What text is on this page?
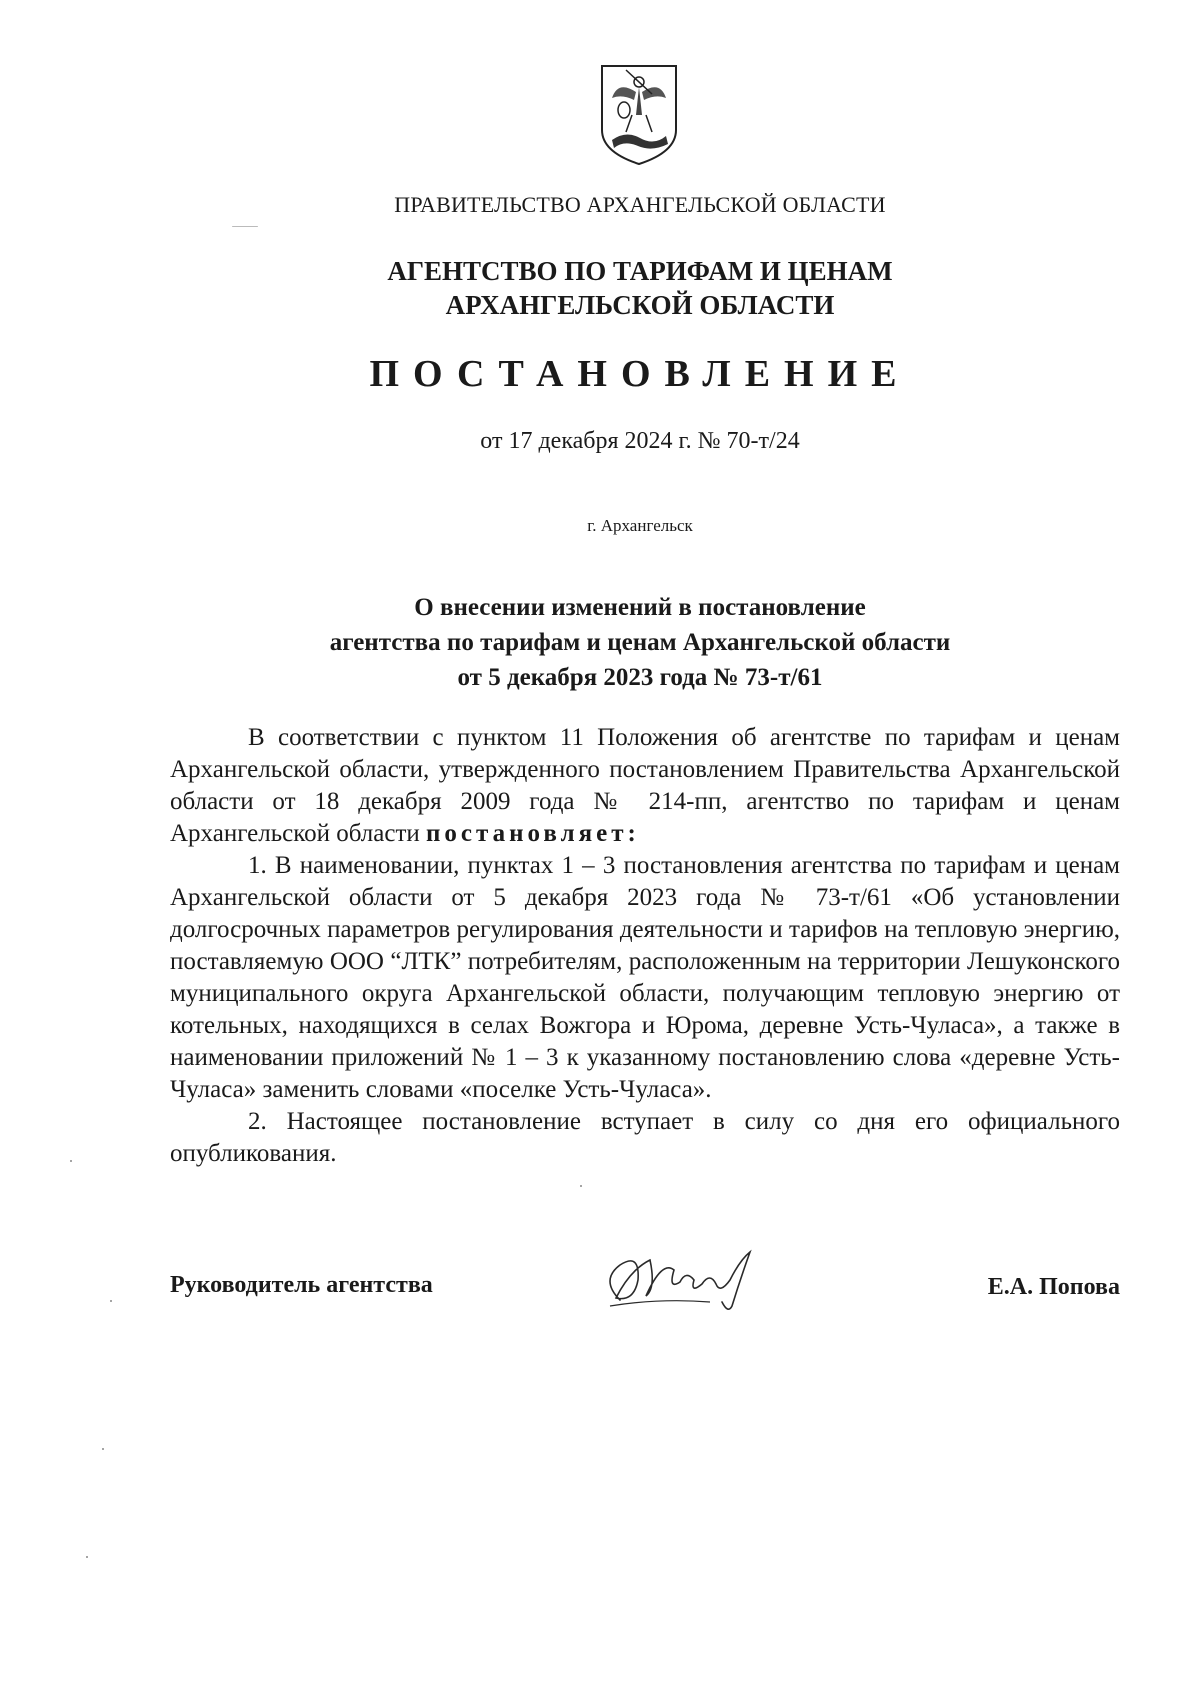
ПРАВИТЕЛЬСТВО АРХАНГЕЛЬСКОЙ ОБЛАСТИ
АГЕНТСТВО ПО ТАРИФАМ И ЦЕНАМ
АРХАНГЕЛЬСКОЙ ОБЛАСТИ
ПОСТАНОВЛЕНИЕ
от 17 декабря 2024 г. № 70-т/24
г. Архангельск
О внесении изменений в постановление
агентства по тарифам и ценам Архангельской области
от 5 декабря 2023 года № 73-т/61

В соответствии с пунктом 11 Положения об агентстве по тарифам и ценам Архангельской области, утвержденного постановлением Правительства Архангельской области от 18 декабря 2009 года № 214-пп, агентство по тарифам и ценам Архангельской области постановляет:

1. В наименовании, пунктах 1 – 3 постановления агентства по тарифам и ценам Архангельской области от 5 декабря 2023 года № 73-т/61 «Об установлении долгосрочных параметров регулирования деятельности и тарифов на тепловую энергию, поставляемую ООО “ЛТК” потребителям, расположенным на территории Лешуконского муниципального округа Архангельской области, получающим тепловую энергию от котельных, находящихся в селах Вожгора и Юрома, деревне Усть-Чуласа», а также в наименовании приложений № 1 – 3 к указанному постановлению слова «деревне Усть-Чуласа» заменить словами «поселке Усть-Чуласа».

2. Настоящее постановление вступает в силу со дня его официального опубликования.

Руководитель агентства	Е.А. Попова
